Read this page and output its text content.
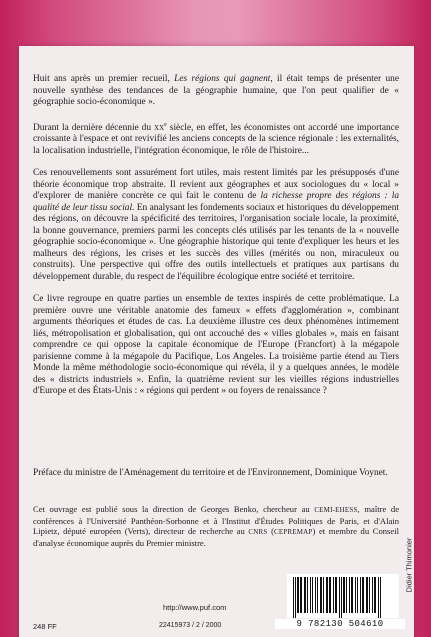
Huit ans après un premier recueil, Les régions qui gagnent, il était temps de présenter une nouvelle synthèse des tendances de la géographie humaine, que l'on peut qualifier de « géographie socio-économique ».

Durant la dernière décennie du $xx^e$ siècle, en effet, les économistes ont accordé une importance croissante à l'espace et ont revivifié les anciens concepts de la science régionale : les externalités, la localisation industrielle, l'intégration économique, le rôle de l'histoire...

Ces renouvellements sont assurément fort utiles, mais restent limités par les présupposés d'une théorie économique trop abstraite. Il revient aux géographes et aux sociologues du « local » d'explorer de manière concrète ce qui fait le contenu de la richesse propre des régions : la qualité de leur tissu social. En analysant les fondements sociaux et historiques du développement des régions, on découvre la spécificité des territoires, l'organisation sociale locale, la proximité, la bonne gouvernance, premiers parmi les concepts clés utilisés par les tenants de la « nouvelle géographie socio-économique ». Une géographie historique qui tente d'expliquer les heurs et les malheurs des régions, les crises et les succès des villes (mérités ou non, miraculeux ou construits). Une perspective qui offre des outils intellectuels et pratiques aux partisans du développement durable, du respect de l'équilibre écologique entre société et territoire.

Ce livre regroupe en quatre parties un ensemble de textes inspirés de cette problématique. La première ouvre une véritable anatomie des fameux « effets d'agglomération », combinant arguments théoriques et études de cas. La deuxième illustre ces deux phénomènes intimement liés, métropolisation et globalisation, qui ont accouché des « villes globales », mais en faisant comprendre ce qui oppose la capitale économique de l'Europe (Francfort) à la mégapole parisienne comme à la mégapole du Pacifique, Los Angeles. La troisième partie étend au Tiers Monde la même méthodologie socio-économique qui révéla, il y a quelques années, le modèle des « districts industriels ». Enfin, la quatrième revient sur les vieilles régions industrielles d'Europe et des États-Unis : « régions qui perdent » ou foyers de renaissance ?

Préface du ministre de l'Aménagement du territoire et de l'Environnement, Dominique Voynet.
Cet ouvrage est publié sous la direction de Georges Benko, chercheur au CEMI-EHESS, maître de conférences à l'Université Panthéon-Sorbonne et à l'Institut d'Études Politiques de Paris, et d'Alain Lipietz, député européen (Verts), directeur de recherche au CNRS (CEPREMAP) et membre du Conseil d'analyse économique auprès du Premier ministre.
http://www.puf.com
248 FF	22415973 / 2 / 2000	9 782130 504610
Didier Thimonier
